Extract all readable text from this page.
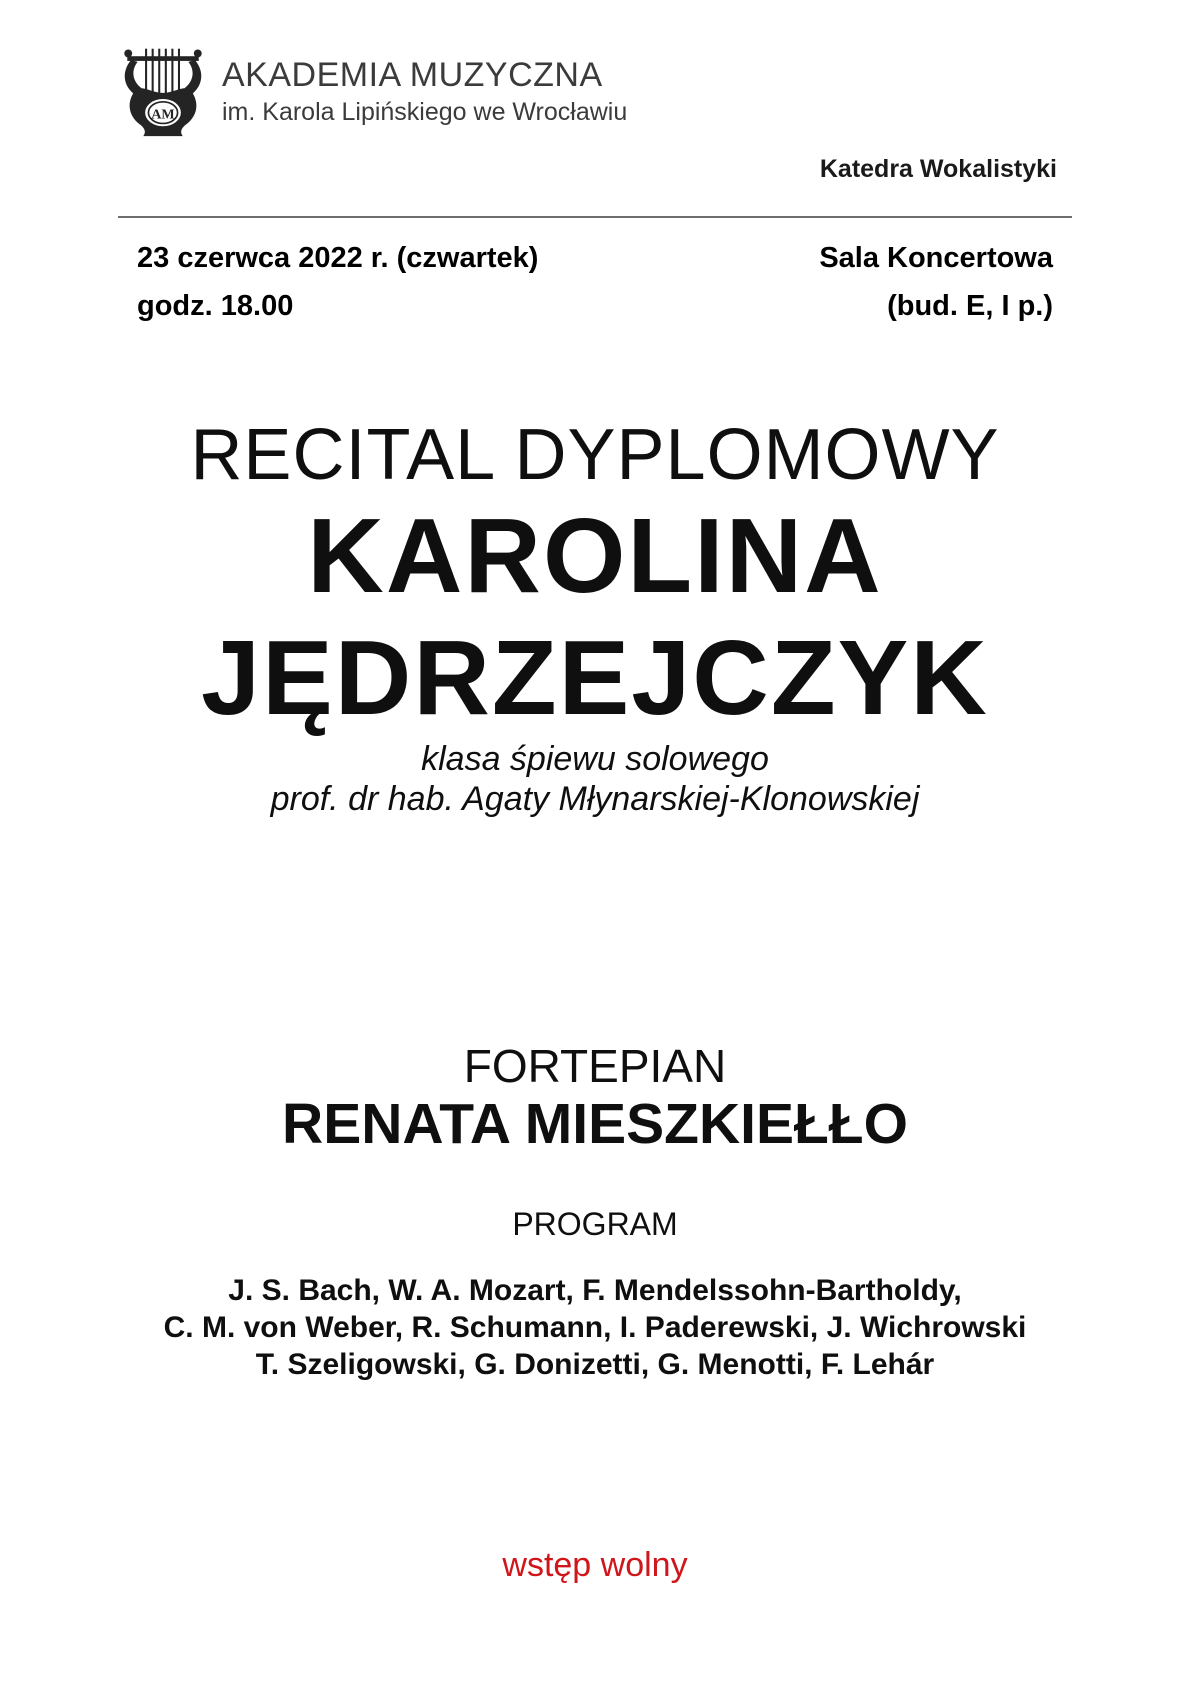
AM
AKADEMIA MUZYCZNA
im. Karola Lipińskiego we Wrocławiu
Katedra Wokalistyki
23 czerwca 2022 r. (czwartek)
godz. 18.00
Sala Koncertowa
(bud. E, I p.)
RECITAL DYPLOMOWY
KAROLINA
JĘDRZEJCZYK
klasa śpiewu solowego
prof. dr hab. Agaty Młynarskiej-Klonowskiej
FORTEPIAN
RENATA MIESZKIEŁŁO
PROGRAM
J. S. Bach, W. A. Mozart, F. Mendelssohn-Bartholdy,
C. M. von Weber, R. Schumann, I. Paderewski, J. Wichrowski
T. Szeligowski, G. Donizetti, G. Menotti, F. Lehár
wstęp wolny
